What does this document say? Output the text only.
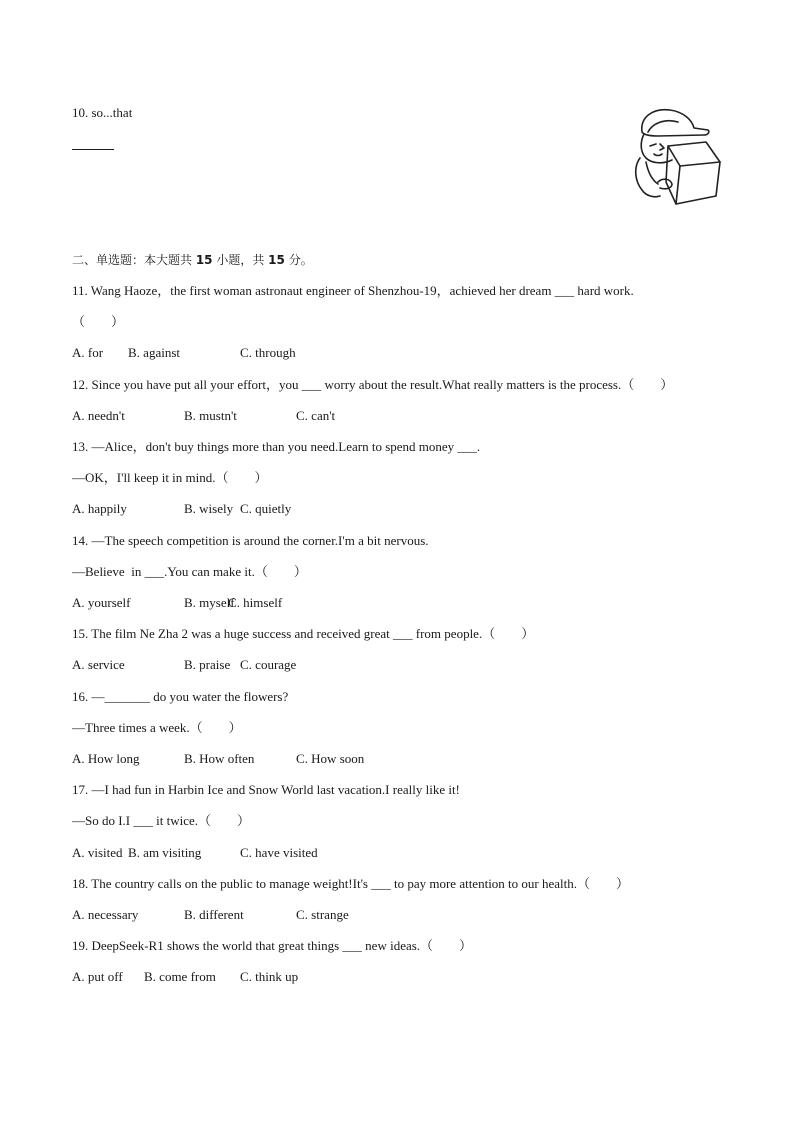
10. so...that
二、单选题：本大题共 15 小题，共 15 分。
11. Wang Haoze，the first woman astronaut engineer of Shenzhou-19，achieved her dream ___ hard work.
（　　）
A. for B. against	C. through
12. Since you have put all your effort，you ___ worry about the result.What really matters is the process.（　　）
A. needn't	B. mustn't	C. can't
13. —Alice，don't buy things more than you need.Learn to spend money ___.
—OK，I'll keep it in mind.（　　）
A. happily	B. wisely C. quietly
14. —The speech competition is around the corner.I'm a bit nervous.
—Believe  in ___.You can make it.（　　）
A. yourself	B. myself
C. himself
15. The film Ne Zha 2 was a huge success and received great ___ from people.（　　）
A. service	B. praise C. courage
16. —_______ do you water the flowers?
—Three times a week.（　　）
A. How long	B. How often	C. How soon
17. —I had fun in Harbin Ice and Snow World last vacation.I really like it!
—So do I.I ___ it twice.（　　）
A. visited B. am visiting	C. have visited
18. The country calls on the public to manage weight!It's ___ to pay more attention to our health.（　　）
A. necessary	B. different	C. strange
19. DeepSeek-R1 shows the world that great things ___ new ideas.（　　）
A. put off B. come from C. think up
